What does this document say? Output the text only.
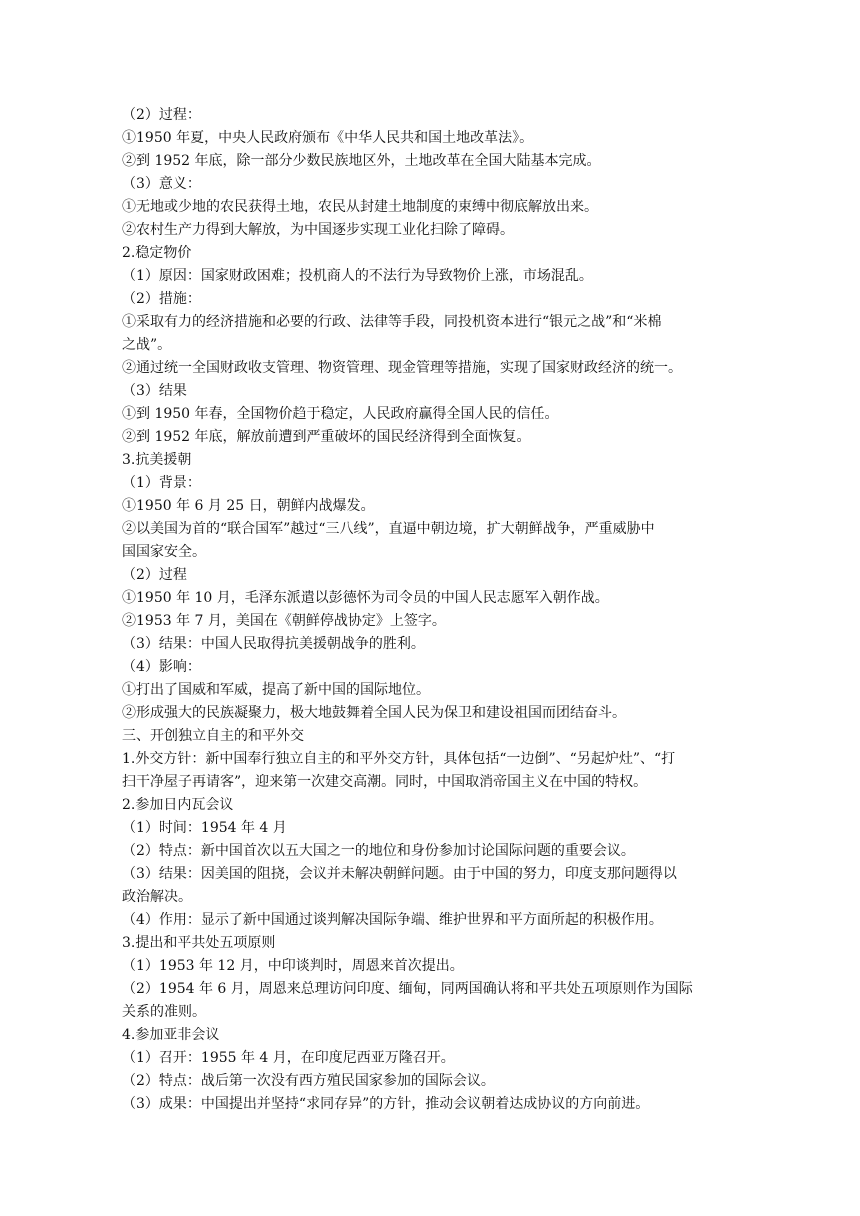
（2）过程：
①1950 年夏，中央人民政府颁布《中华人民共和国土地改革法》。
②到 1952 年底，除一部分少数民族地区外，土地改革在全国大陆基本完成。
（3）意义：
①无地或少地的农民获得土地，农民从封建土地制度的束缚中彻底解放出来。
②农村生产力得到大解放，为中国逐步实现工业化扫除了障碍。
2.稳定物价
（1）原因：国家财政困难；投机商人的不法行为导致物价上涨，市场混乱。
（2）措施：
①采取有力的经济措施和必要的行政、法律等手段，同投机资本进行“银元之战”和“米棉
之战”。
②通过统一全国财政收支管理、物资管理、现金管理等措施，实现了国家财政经济的统一。
（3）结果
①到 1950 年春，全国物价趋于稳定，人民政府赢得全国人民的信任。
②到 1952 年底，解放前遭到严重破坏的国民经济得到全面恢复。
3.抗美援朝
（1）背景：
①1950 年 6 月 25 日，朝鲜内战爆发。
②以美国为首的“联合国军”越过“三八线”，直逼中朝边境，扩大朝鲜战争，严重威胁中
国国家安全。
（2）过程
①1950 年 10 月，毛泽东派遣以彭德怀为司令员的中国人民志愿军入朝作战。
②1953 年 7 月，美国在《朝鲜停战协定》上签字。
（3）结果：中国人民取得抗美援朝战争的胜利。
（4）影响：
①打出了国威和军威，提高了新中国的国际地位。
②形成强大的民族凝聚力，极大地鼓舞着全国人民为保卫和建设祖国而团结奋斗。
三、开创独立自主的和平外交
1.外交方针：新中国奉行独立自主的和平外交方针，具体包括“一边倒”、“另起炉灶”、“打
扫干净屋子再请客”，迎来第一次建交高潮。同时，中国取消帝国主义在中国的特权。
2.参加日内瓦会议
（1）时间：1954 年 4 月
（2）特点：新中国首次以五大国之一的地位和身份参加讨论国际问题的重要会议。
（3）结果：因美国的阻挠，会议并未解决朝鲜问题。由于中国的努力，印度支那问题得以
政治解决。
（4）作用：显示了新中国通过谈判解决国际争端、维护世界和平方面所起的积极作用。
3.提出和平共处五项原则
（1）1953 年 12 月，中印谈判时，周恩来首次提出。
（2）1954 年 6 月，周恩来总理访问印度、缅甸，同两国确认将和平共处五项原则作为国际
关系的准则。
4.参加亚非会议
（1）召开：1955 年 4 月，在印度尼西亚万隆召开。
（2）特点：战后第一次没有西方殖民国家参加的国际会议。
（3）成果：中国提出并坚持“求同存异”的方针，推动会议朝着达成协议的方向前进。
